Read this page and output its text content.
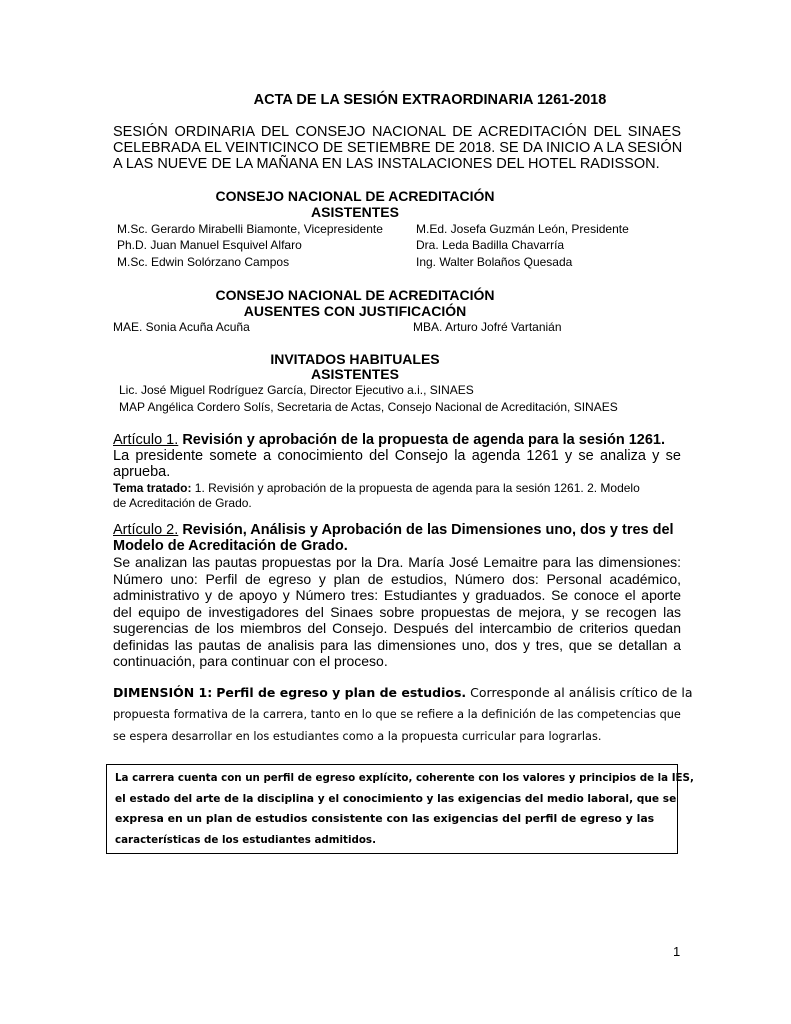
ACTA DE LA SESIÓN EXTRAORDINARIA 1261-2018
SESIÓN ORDINARIA DEL CONSEJO NACIONAL DE ACREDITACIÓN DEL SINAES
CELEBRADA EL VEINTICINCO DE SETIEMBRE DE 2018. SE DA INICIO A LA SESIÓN
A LAS NUEVE DE LA MAÑANA EN LAS INSTALACIONES DEL HOTEL RADISSON.
CONSEJO NACIONAL DE ACREDITACIÓN
ASISTENTES
M.Sc. Gerardo Mirabelli Biamonte, Vicepresidente
Ph.D. Juan Manuel Esquivel Alfaro
M.Sc. Edwin Solórzano Campos
M.Ed. Josefa Guzmán León, Presidente
Dra. Leda Badilla Chavarría
Ing. Walter Bolaños Quesada
CONSEJO NACIONAL DE ACREDITACIÓN
AUSENTES CON JUSTIFICACIÓN
MAE. Sonia Acuña Acuña	MBA. Arturo Jofré Vartanián
INVITADOS HABITUALES
ASISTENTES
Lic. José Miguel Rodríguez García, Director Ejecutivo a.i., SINAES
MAP Angélica Cordero Solís, Secretaria de Actas, Consejo Nacional de Acreditación, SINAES
Artículo 1. Revisión y aprobación de la propuesta de agenda para la sesión 1261.
La presidente somete a conocimiento del Consejo la agenda 1261 y se analiza y se
aprueba.
Tema tratado: 1. Revisión y aprobación de la propuesta de agenda para la sesión 1261. 2. Modelo
de Acreditación de Grado.
Artículo 2. Revisión, Análisis y Aprobación de las Dimensiones uno, dos y tres del
Modelo de Acreditación de Grado.
Se analizan las pautas propuestas por la Dra. María José Lemaitre para las dimensiones:
Número uno: Perfil de egreso y plan de estudios, Número dos: Personal académico,
administrativo y de apoyo y Número tres: Estudiantes y graduados. Se conoce el aporte
del equipo de investigadores del Sinaes sobre propuestas de mejora, y se recogen las
sugerencias de los miembros del Consejo. Después del intercambio de criterios quedan
definidas las pautas de analisis para las dimensiones uno, dos y tres, que se detallan a
continuación, para continuar con el proceso.
DIMENSIÓN 1: Perfil de egreso y plan de estudios. Corresponde al análisis crítico de la
propuesta formativa de la carrera, tanto en lo que se refiere a la definición de las competencias que
se espera desarrollar en los estudiantes como a la propuesta curricular para lograrlas.
La carrera cuenta con un perfil de egreso explícito, coherente con los valores y principios de la IES,
el estado del arte de la disciplina y el conocimiento y las exigencias del medio laboral, que se
expresa en un plan de estudios consistente con las exigencias del perfil de egreso y las
características de los estudiantes admitidos.
1
